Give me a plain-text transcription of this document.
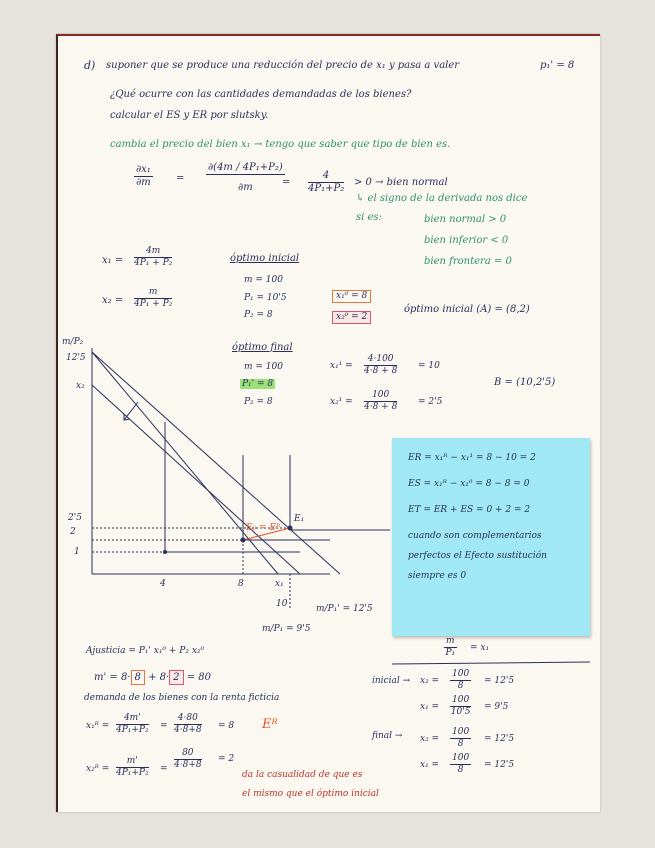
d) suponer que se produce una reducción del precio de x₁ y pasa a valer	p₁' = 8
¿Qué ocurre con las cantidades demandadas de los bienes?
calcular el ES y ER por slutsky.
cambia el precio del bien x₁ → tengo que saber que tipo de bien es.
$\frac{\text{∂x₁}}{\partial m} = \frac{\text{∂(4m / 4P₁+P₂)}}{\partial m}$
= $\frac{4}{\text{4P₁+P₂}} > 0$ → bien normal
↳ el signo de la derivada nos dice
si es:	bien normal > 0
bien inferior < 0
bien frontera = 0
$x_1 = \frac{4m}{\text{4P₁ + P₂}}$
$x_2 = \frac{m}{\text{4P₁ + P₂}}$
óptimo inicial
m = 100
P₁ = 10'5
P₂ = 8
x₁⁰ = 8
x₂⁰ = 2
óptimo inicial (A) = (8,2)
óptimo final
m = 100
P₁' = 8
P₂ = 8
$x_1^1 = \frac{4\cdot 100}{4\cdot 8 + 8} = 10$
$x_2^1 = \frac{100}{4\cdot 8 + 8} = 2'5$
B = (10,2'5)
m/P₂
12'5
x₂
2'5
2
1
4	8	x₁
10	m/P₁' = 12'5
m/P₁ = 9'5
E₀ = Eᴿ
E₁
ER = x₁ᴿ − x₁¹ = 8 − 10 = 2
ES = x₁ᴿ − x₁⁰ = 8 − 8 = 0
ET = ER + ES = 0 + 2 = 2
cuando son complementarios
perfectos el Efecto sustitución
siempre es 0
Ajusticia = P₁' x₁⁰ + P₂ x₂⁰
m' = 8· 8 + 8· 2 = 80
demanda de los bienes con la renta ficticia
x₁ᴿ = $\frac{4m'}{\text{4P₁+P₂}} = \frac{4\cdot 80}{4\cdot 8+8} = 8$ Eᴿ
x₂ᴿ = $\frac{m'}{\text{4P₁+P₂}} = \frac{80}{4\cdot 8+8} = 2$
da la casualidad de que es
el mismo que el óptimo inicial
$\frac{m}{\text{P₁}} = x_1$
inicial → $x_2 = \frac{100}{8} = 12'5$
$x_1 = \frac{100}{10'5} = 9'5$
final → $x_2 = \frac{100}{8} = 12'5$
$x_1 = \frac{100}{8} = 12'5$
